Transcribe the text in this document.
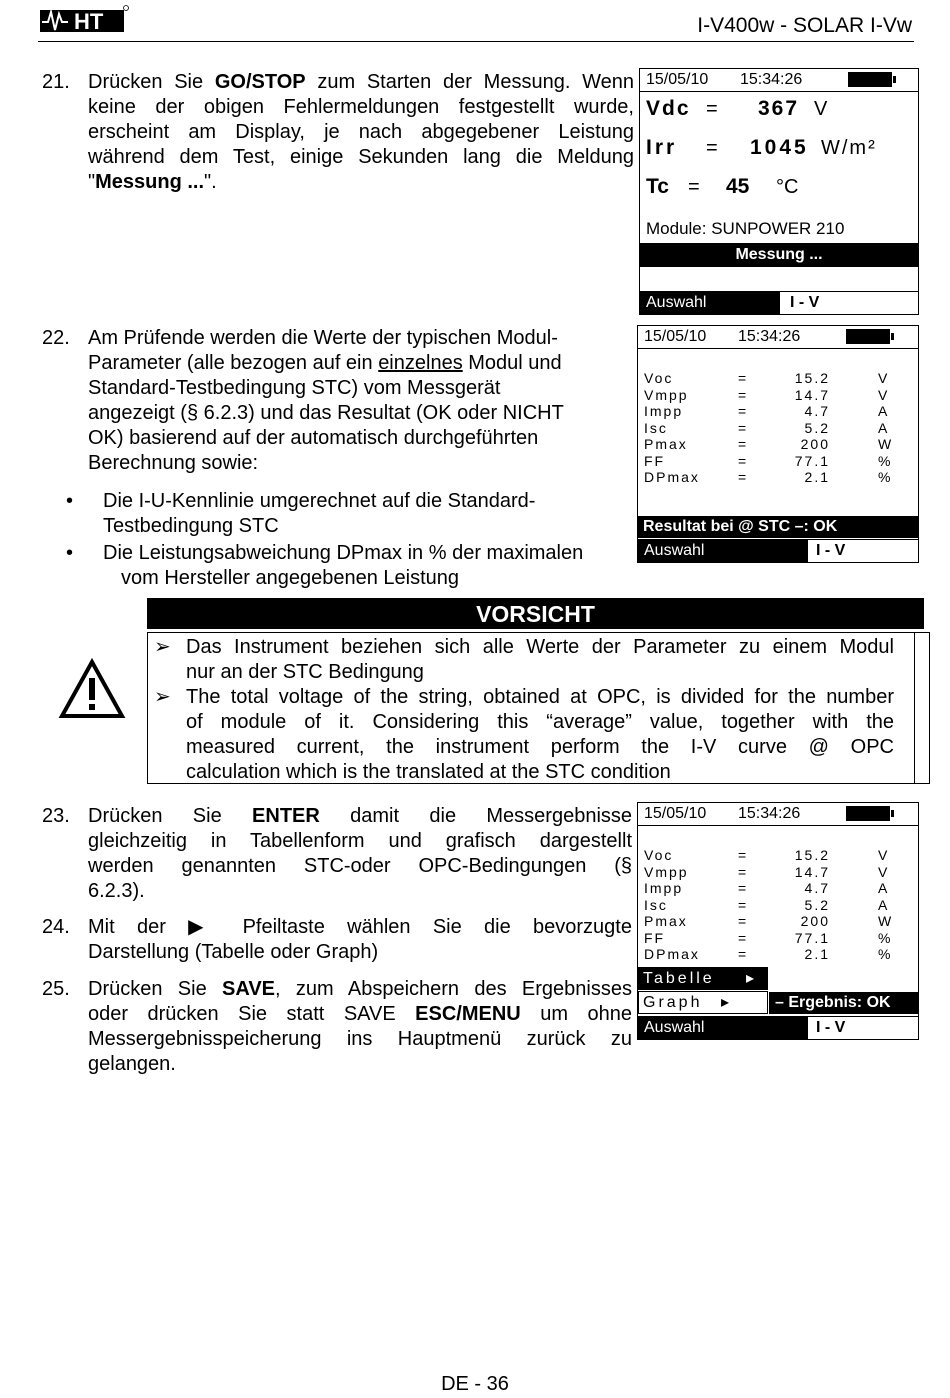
HT	I-V400w - SOLAR I-Vw
21. Drücken Sie GO/STOP zum Starten der Messung. Wenn
keine der obigen Fehlermeldungen festgestellt wurde,
erscheint am Display, je nach abgegebener Leistung
während dem Test, einige Sekunden lang die Meldung
"Messung ...".
15/05/10 15:34:26
Vdc = 367 V
Irr = 1045 W/m²
Tc = 45 °C
Module: SUNPOWER 210
Messung ...
Auswahl	I - V
22. Am Prüfende werden die Werte der typischen Modul-
Parameter (alle bezogen auf ein einzelnes Modul und
Standard-Testbedingung STC) vom Messgerät
angezeigt (§ 6.2.3) und das Resultat (OK oder NICHT
OK) basierend auf der automatisch durchgeführten
Berechnung sowie:
• Die I-U-Kennlinie umgerechnet auf die Standard-
Testbedingung STC
• Die Leistungsabweichung DPmax in % der maximalen
vom Hersteller angegebenen Leistung
15/05/10 15:34:26
Voc	=	15.2	V
Vmpp	=	14.7	V
Impp	=	4.7	A
Isc	=	5.2	A
Pmax	=	200	W
FF	=	77.1	%
DPmax	=	2.1	%
Resultat bei @ STC –: OK
Auswahl	I - V
VORSICHT
➢ Das Instrument beziehen sich alle Werte der Parameter zu einem Modul
nur an der STC Bedingung
➢ The total voltage of the string, obtained at OPC, is divided for the number
of module of it. Considering this “average” value, together with the
measured current, the instrument perform the I-V curve @ OPC
calculation which is the translated at the STC condition
23. Drücken Sie ENTER damit die Messergebnisse
gleichzeitig in Tabellenform und grafisch dargestellt
werden genannten STC-oder OPC-Bedingungen (§
6.2.3).
24. Mit der ▶ Pfeiltaste wählen Sie die bevorzugte
Darstellung (Tabelle oder Graph)
25. Drücken Sie SAVE, zum Abspeichern des Ergebnisses
oder drücken Sie statt SAVE ESC/MENU um ohne
Messergebnisspeicherung ins Hauptmenü zurück zu
gelangen.
15/05/10 15:34:26
Voc	=	15.2	V
Vmpp	=	14.7	V
Impp	=	4.7	A
Isc	=	5.2	A
Pmax	=	200	W
FF	=	77.1	%
DPmax	=	2.1	%
Tabelle ▸
Graph ▸	– Ergebnis: OK
Auswahl	I - V
DE - 36
